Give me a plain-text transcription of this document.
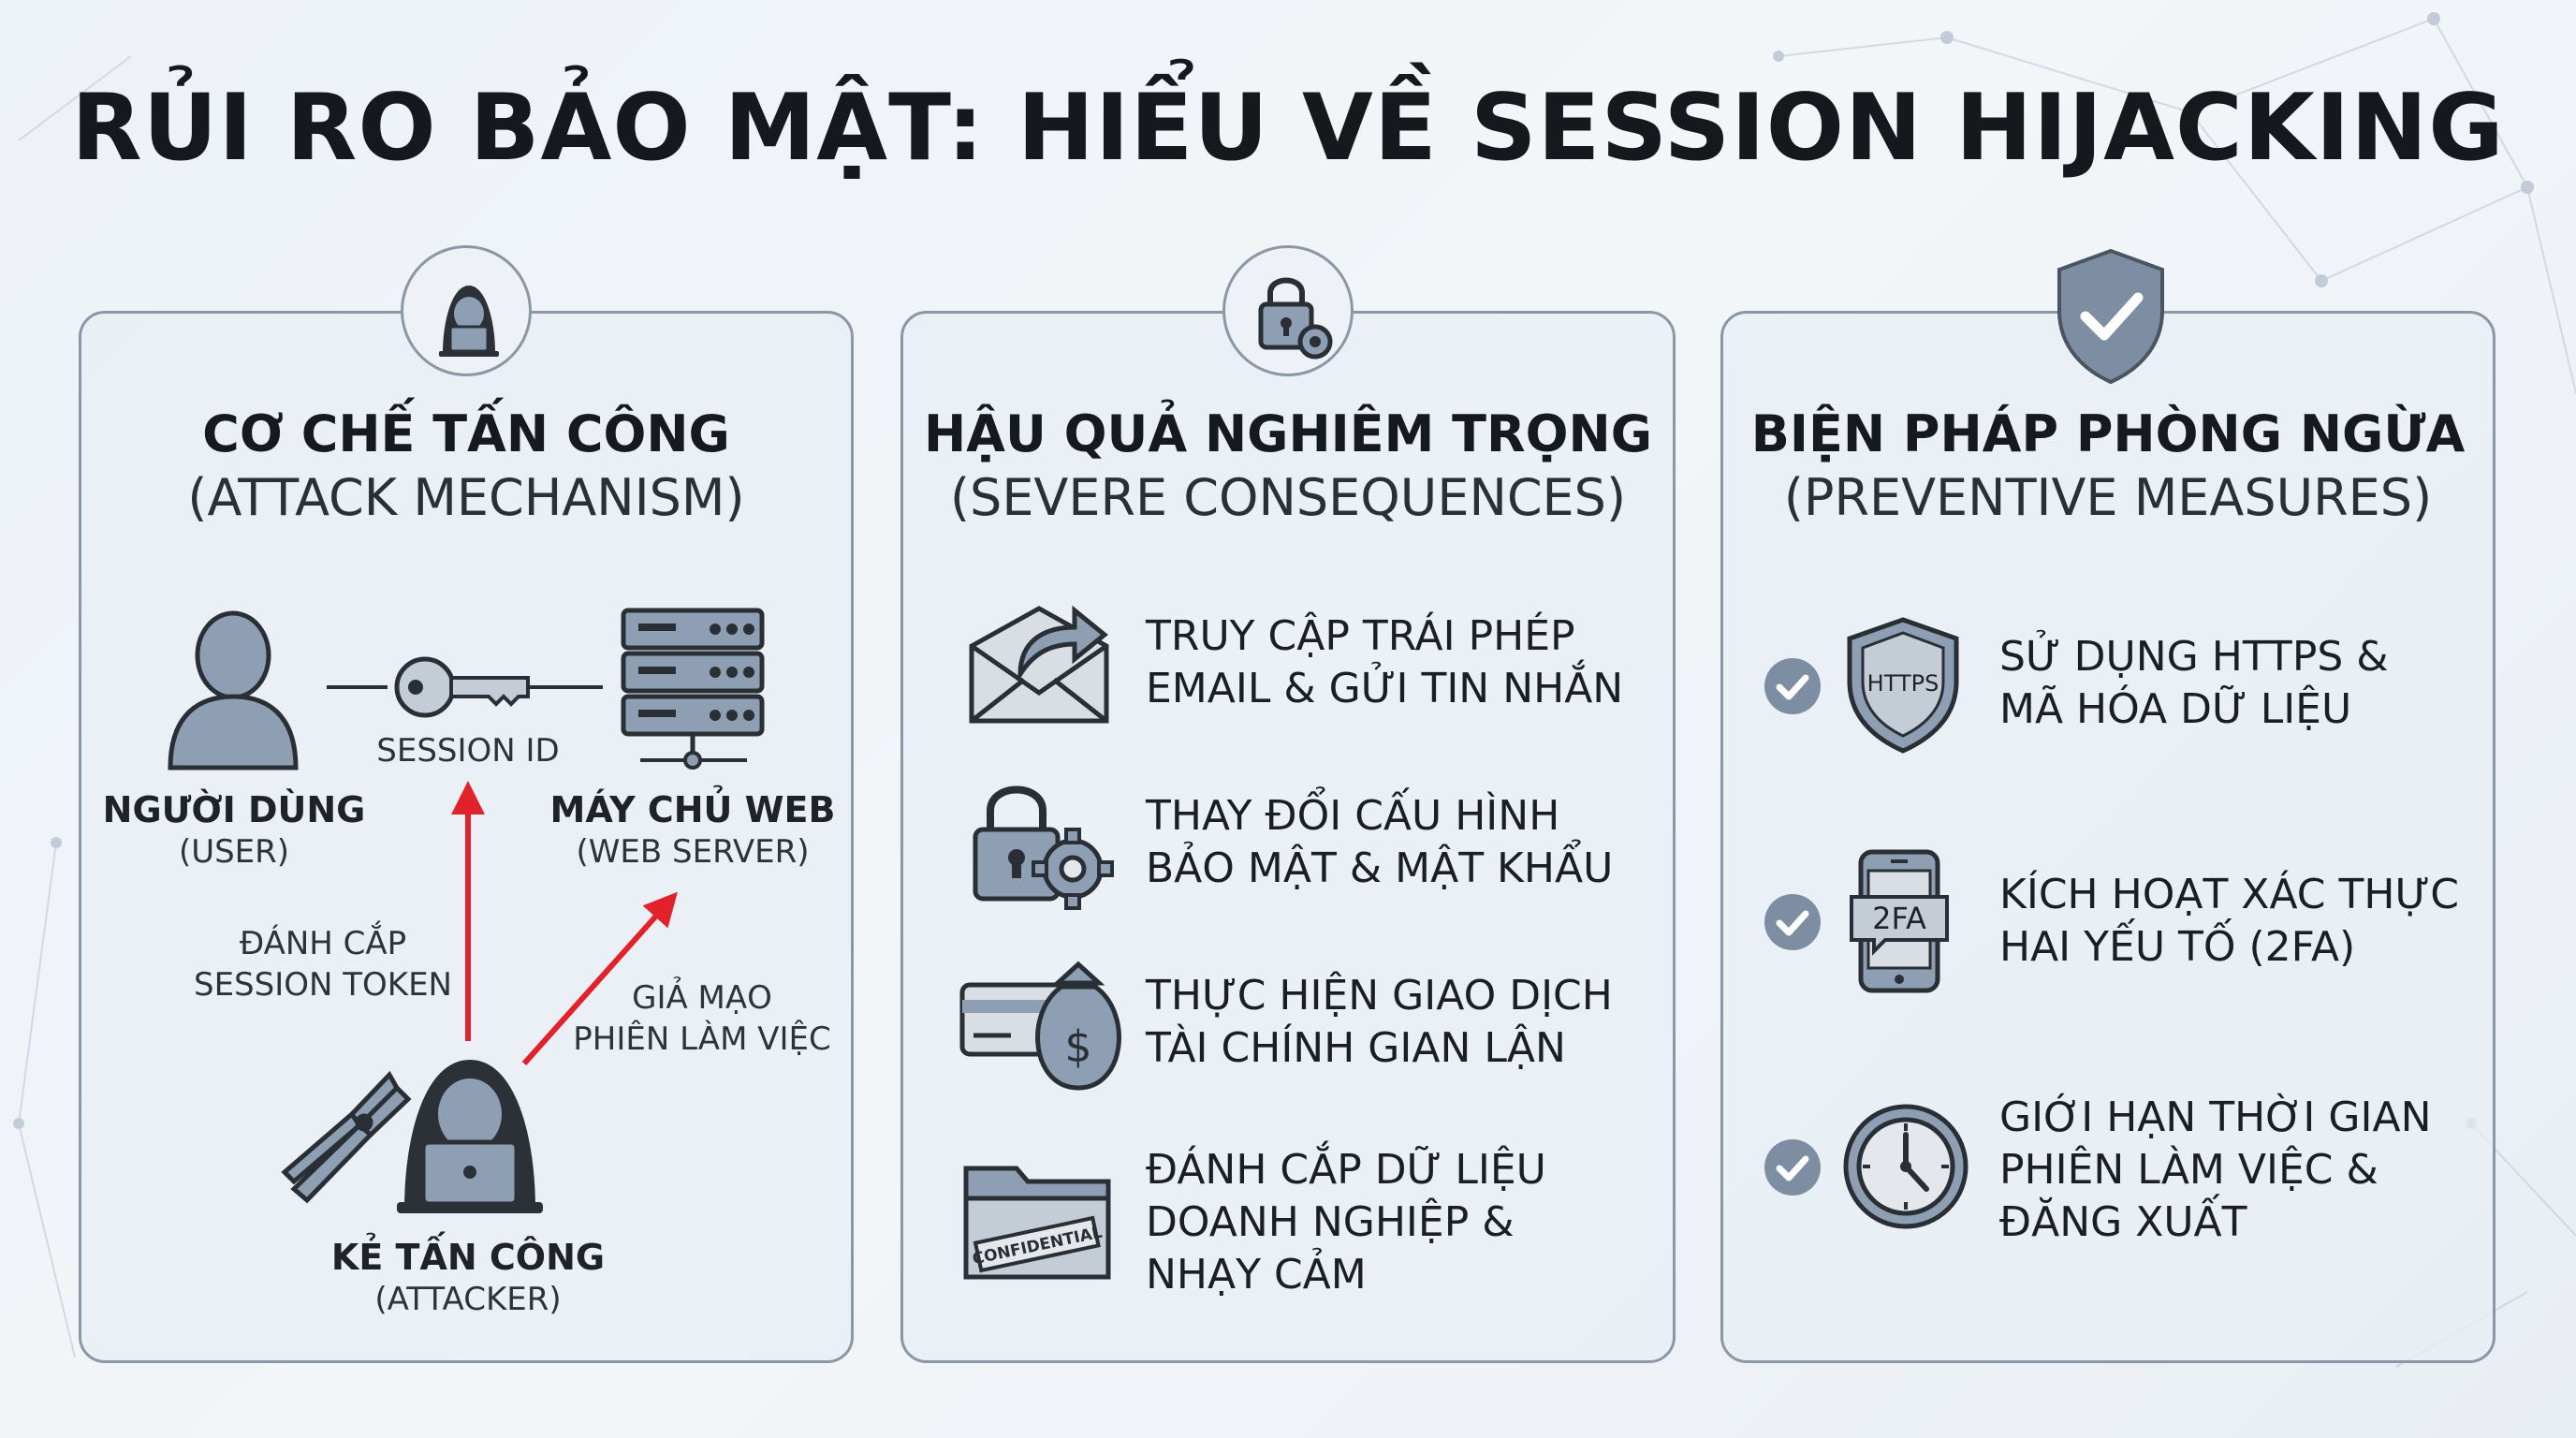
RỦI RO BẢO MẬT: HIỂU VỀ SESSION HIJACKING
CƠ CHẾ TẤN CÔNG
(ATTACK MECHANISM)
SESSION ID
NGƯỜI DÙNG
(USER)
MÁY CHỦ WEB
(WEB SERVER)
ĐÁNH CẮP
SESSION TOKEN	GIẢ MẠO
PHIÊN LÀM VIỆC
KẺ TẤN CÔNG
(ATTACKER)
HẬU QUẢ NGHIÊM TRỌNG
(SEVERE CONSEQUENCES)
TRUY CẬP TRÁI PHÉP
EMAIL & GỬI TIN NHẮN
THAY ĐỔI CẤU HÌNH
BẢO MẬT & MẬT KHẨU
$
THỰC HIỆN GIAO DỊCH
TÀI CHÍNH GIAN LẬN
CONFIDENTIAL
ĐÁNH CẮP DỮ LIỆU
DOANH NGHIỆP &
NHẠY CẢM
BIỆN PHÁP PHÒNG NGỪA
(PREVENTIVE MEASURES)
HTTPS
SỬ DỤNG HTTPS &
MÃ HÓA DỮ LIỆU
2FA KÍCH HOẠT XÁC THỰC
HAI YẾU TỐ (2FA)
GIỚI HẠN THỜI GIAN
PHIÊN LÀM VIỆC &
ĐĂNG XUẤT
